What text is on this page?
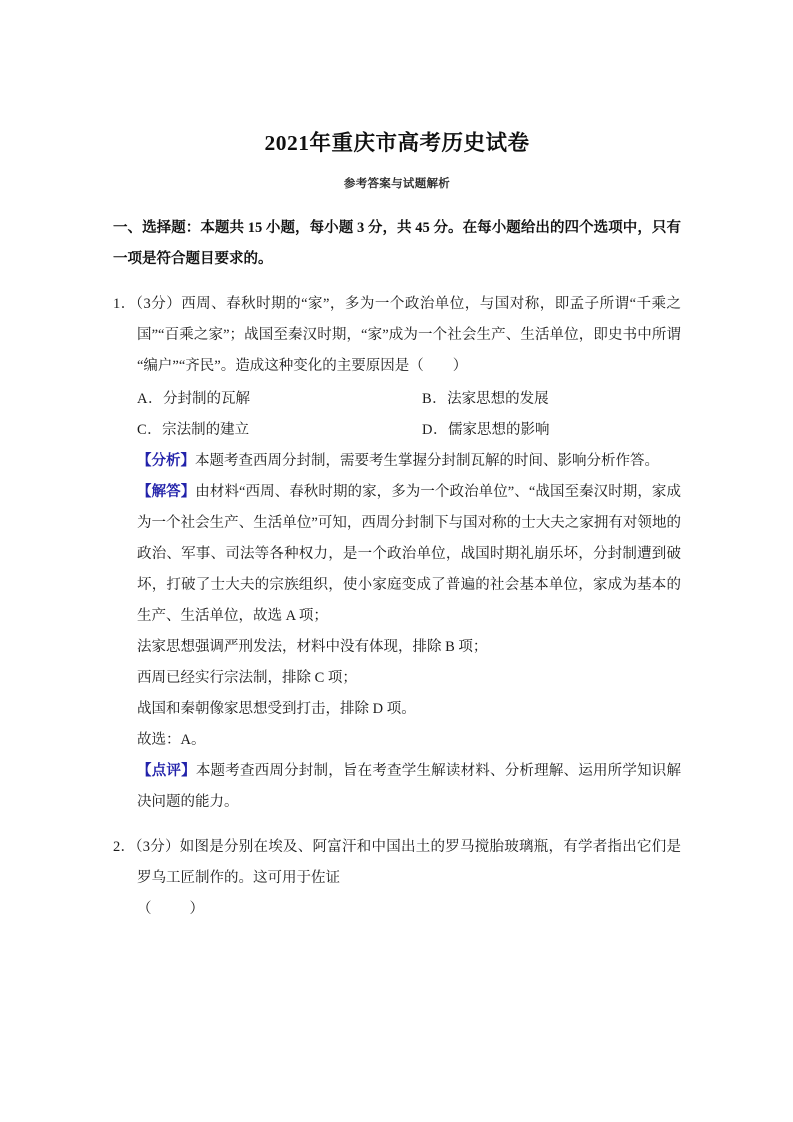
2021年重庆市高考历史试卷
参考答案与试题解析
一、选择题：本题共 15 小题，每小题 3 分，共 45 分。在每小题给出的四个选项中，只有一项是符合题目要求的。
1．（3分）西周、春秋时期的“家”，多为一个政治单位，与国对称，即孟子所谓“千乘之国”“百乘之家”；战国至秦汉时期，“家”成为一个社会生产、生活单位，即史书中所谓“编户”“齐民”。造成这种变化的主要原因是（　　）
A．分封制的瓦解	B．法家思想的发展
C．宗法制的建立	D．儒家思想的影响

【分析】本题考查西周分封制，需要考生掌握分封制瓦解的时间、影响分析作答。

【解答】由材料“西周、春秋时期的家，多为一个政治单位”、“战国至秦汉时期，家成为一个社会生产、生活单位”可知，西周分封制下与国对称的士大夫之家拥有对领地的政治、军事、司法等各种权力，是一个政治单位，战国时期礼崩乐坏，分封制遭到破坏，打破了士大夫的宗族组织，使小家庭变成了普遍的社会基本单位，家成为基本的生产、生活单位，故选 A 项；

法家思想强调严刑发法，材料中没有体现，排除 B 项；

西周已经实行宗法制，排除 C 项；

战国和秦朝像家思想受到打击，排除 D 项。

故选：A。

【点评】本题考查西周分封制，旨在考查学生解读材料、分析理解、运用所学知识解决问题的能力。

2．（3分）如图是分别在埃及、阿富汗和中国出土的罗马搅胎玻璃瓶，有学者指出它们是罗乌工匠制作的。这可用于佐证
（　　）
